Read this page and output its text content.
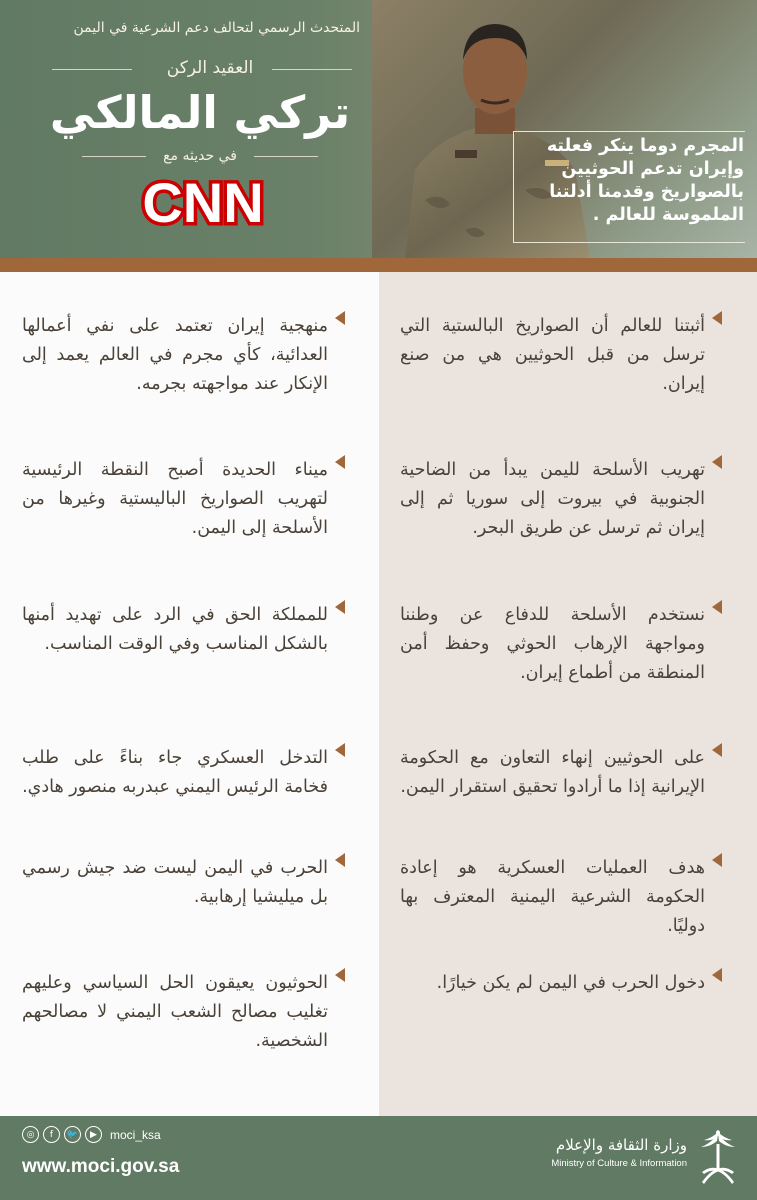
المتحدث الرسمي لتحالف دعم الشرعية في اليمن
العقيد الركن
تركي المالكي
في حديثه مع
CNN
المجرم دوما ينكر فعلته وإيران تدعم الحوثيين بالصواريخ وقدمنا أدلتنا الملموسة للعالم .
أثبتنا للعالم أن الصواريخ البالستية التي ترسل من قبل الحوثيين هي من صنع إيران.
تهريب الأسلحة لليمن يبدأ من الضاحية الجنوبية في بيروت إلى سوريا ثم إلى إيران ثم ترسل عن طريق البحر.
نستخدم الأسلحة للدفاع عن وطننا ومواجهة الإرهاب الحوثي وحفظ أمن المنطقة من أطماع إيران.
على الحوثيين إنهاء التعاون مع الحكومة الإيرانية إذا ما أرادوا تحقيق استقرار اليمن.
هدف العمليات العسكرية هو إعادة الحكومة الشرعية اليمنية المعترف بها دوليًا.
دخول الحرب في اليمن لم يكن خيارًا.
منهجية إيران تعتمد على نفي أعمالها العدائية، كأي مجرم في العالم يعمد إلى الإنكار عند مواجهته بجرمه.
ميناء الحديدة أصبح النقطة الرئيسية لتهريب الصواريخ الباليستية وغيرها من الأسلحة إلى اليمن.
للمملكة الحق في الرد على تهديد أمنها بالشكل المناسب وفي الوقت المناسب.
التدخل العسكري جاء بناءً على طلب فخامة الرئيس اليمني عبدربه منصور هادي.
الحرب في اليمن ليست ضد جيش رسمي بل ميليشيا إرهابية.
الحوثيون يعيقون الحل السياسي وعليهم تغليب مصالح الشعب اليمني لا مصالحهم الشخصية.
◎	f	🐦	▶	moci_ksa
www.moci.gov.sa
وزارة الثقافة والإعلام
Ministry of Culture & Information
